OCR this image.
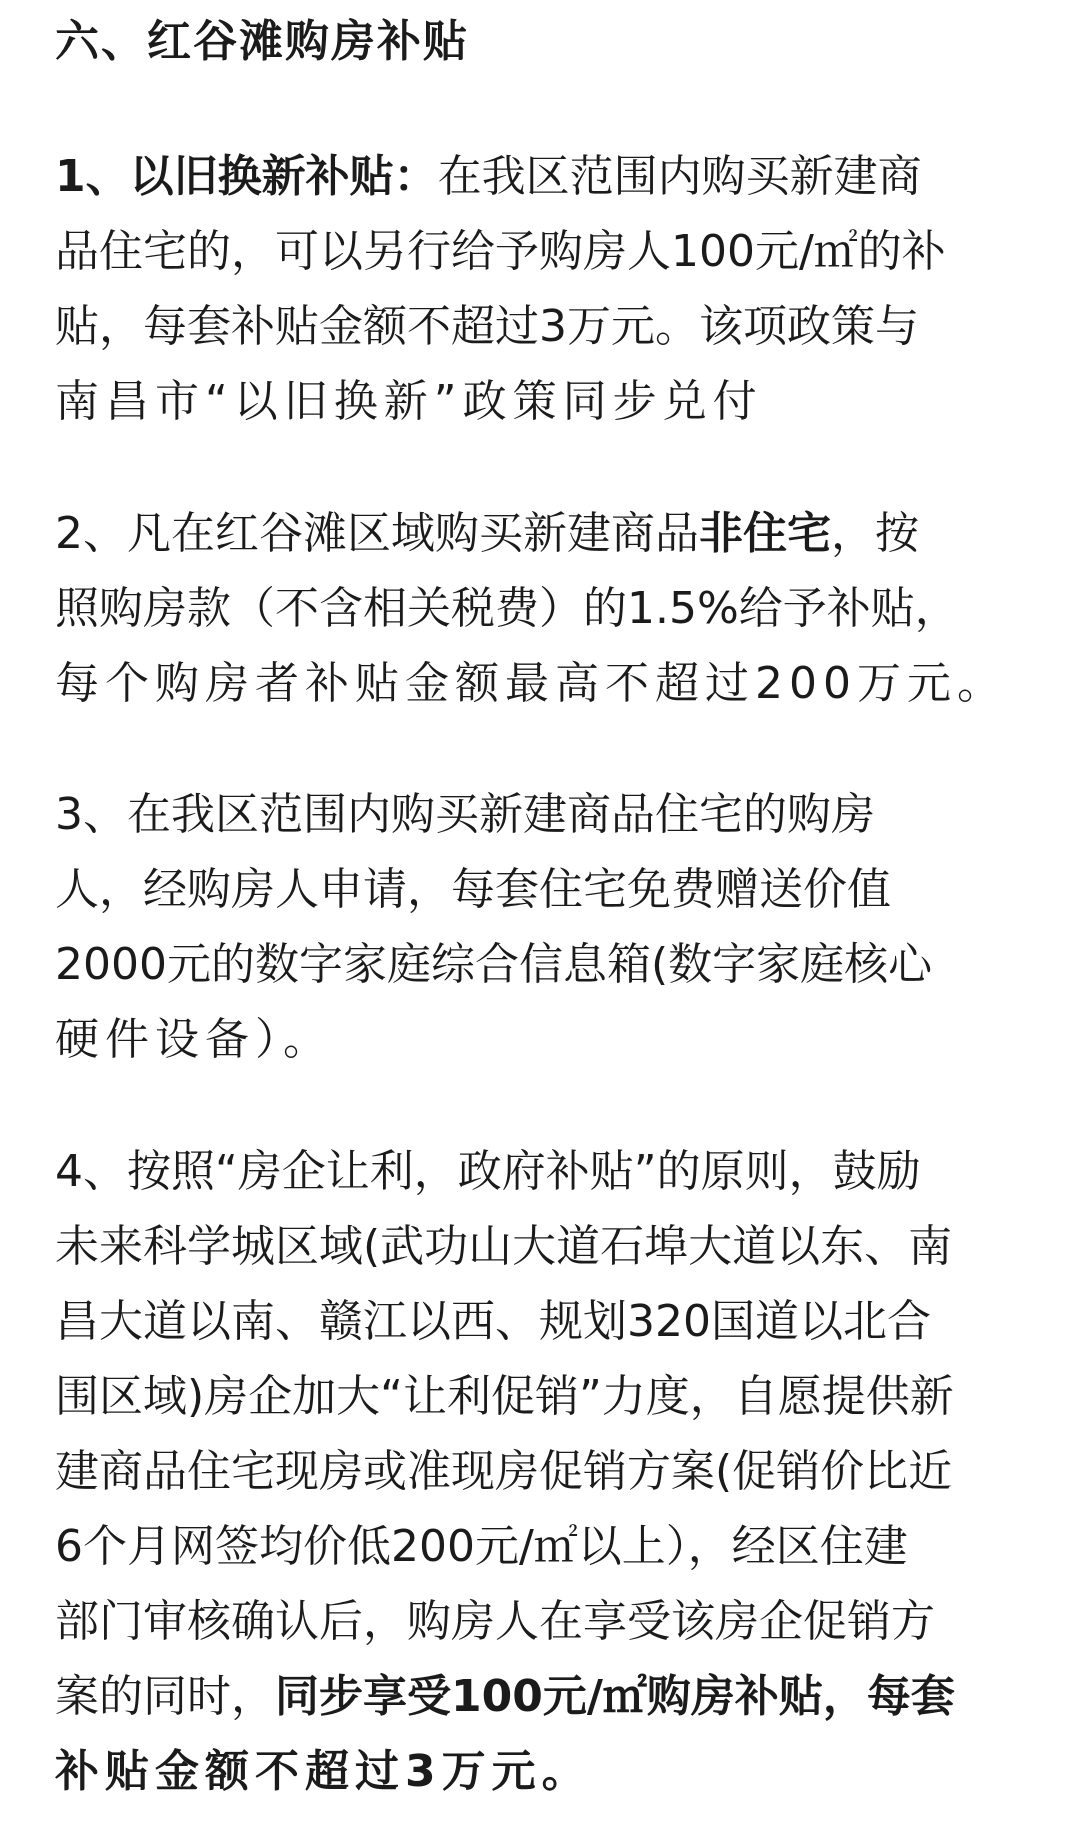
六、红谷滩购房补贴
1、以旧换新补贴：在我区范围内购买新建商
品住宅的，可以另行给予购房人100元/㎡的补
贴，每套补贴金额不超过3万元。该项政策与
南昌市“以旧换新”政策同步兑付
2、凡在红谷滩区域购买新建商品非住宅，按
照购房款（不含相关税费）的1.5%给予补贴，
每个购房者补贴金额最高不超过200万元。
3、在我区范围内购买新建商品住宅的购房
人，经购房人申请，每套住宅免费赠送价值
2000元的数字家庭综合信息箱(数字家庭核心
硬件设备）。
4、按照“房企让利，政府补贴”的原则，鼓励
未来科学城区域(武功山大道石埠大道以东、南
昌大道以南、赣江以西、规划320国道以北合
围区域)房企加大“让利促销”力度，自愿提供新
建商品住宅现房或准现房促销方案(促销价比近
6个月网签均价低200元/㎡以上），经区住建
部门审核确认后，购房人在享受该房企促销方
案的同时，同步享受100元/㎡购房补贴，每套
补贴金额不超过3万元。
